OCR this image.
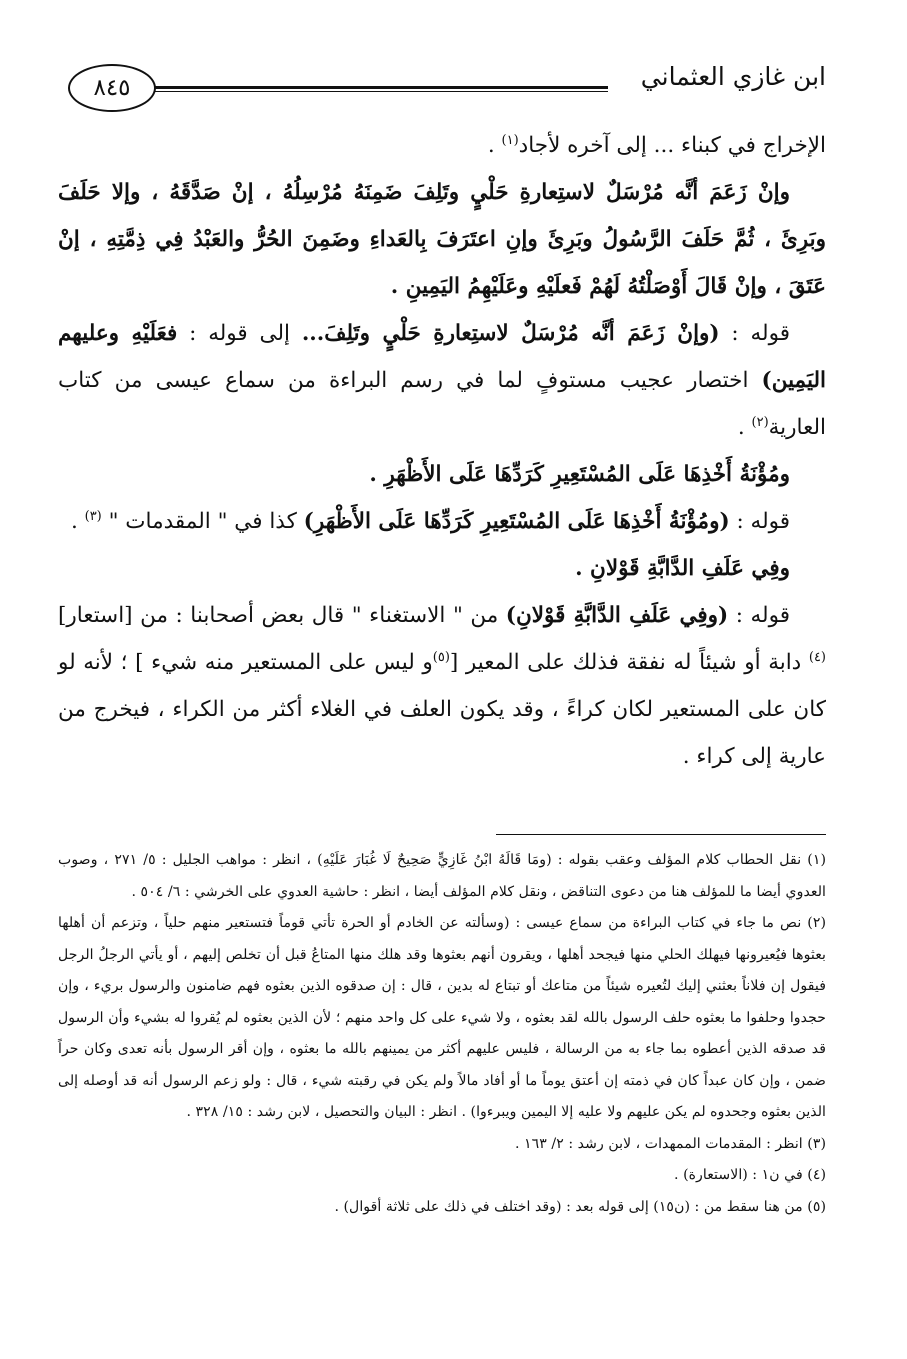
ابن غازي العثماني
٨٤٥

الإخراج في كبناء ... إلى آخره لأجاد$^{(١)}$ .

وإنْ زَعَمَ أنَّه مُرْسَلٌ لاستِعارةِ حَلْيٍ وتَلِفَ ضَمِنَهُ مُرْسِلُهُ ، إنْ صَدَّقَهُ ، وإلا حَلَفَ وبَرِئَ ، ثُمَّ حَلَفَ الرَّسُولُ وبَرِئَ وإنِ اعتَرَفَ بِالعَداءِ وضَمِنَ الحُرُّ والعَبْدُ فِي ذِمَّتِهِ ، إنْ عَتَقَ ، وإنْ قَالَ أَوْصَلْتُهُ لَهُمْ فَعلَيْهِ وعَلَيْهِمُ اليَمِينِ .

قوله : (وإنْ زَعَمَ أنَّه مُرْسَلٌ لاستِعارةِ حَلْيٍ وتَلِفَ... إلى قوله : فعَلَيْهِ وعليهم اليَمِين) اختصار عجيب مستوفٍ لما في رسم البراءة من سماع عيسى من كتاب العارية$^{(٢)}$ .

ومُؤْنَةُ أَخْذِهَا عَلَى المُسْتَعِيرِ كَرَدِّهَا عَلَى الأَظْهَرِ .

قوله : (ومُؤْنَةُ أَخْذِهَا عَلَى المُسْتَعِيرِ كَرَدِّهَا عَلَى الأَظْهَرِ) كذا في " المقدمات " $^{(٣)}$ .

وفِي عَلَفِ الدَّابَّةِ قَوْلانِ .

قوله : (وفِي عَلَفِ الدَّابَّةِ قَوْلانِ) من " الاستغناء " قال بعض أصحابنا : من [استعار]$^{(٤)}$ دابة أو شيئاً له نفقة فذلك على المعير [$^{(٥)}$و ليس على المستعير منه شيء ] ؛ لأنه لو كان على المستعير لكان كراءً ، وقد يكون العلف في الغلاء أكثر من الكراء ، فيخرج من عارية إلى كراء .

(١) نقل الحطاب كلام المؤلف وعقب بقوله : (ومَا قَالَهُ ابْنُ غَازِيٍّ صَحِيحٌ لَا غُبَارَ عَلَيْهِ) ، انظر : مواهب الجليل : ٥/ ٢٧١ ، وصوب العدوي أيضا ما للمؤلف هنا من دعوى التناقض ، ونقل كلام المؤلف أيضا ، انظر : حاشية العدوي على الخرشي : ٦/ ٥٠٤ .

(٢) نص ما جاء في كتاب البراءة من سماع عيسى : (وسألته عن الخادم أو الحرة تأتي قوماً فتستعير منهم حلياً ، وتزعم أن أهلها بعثوها فيُعيرونها فيهلك الحلي منها فيجحد أهلها ، ويقرون أنهم بعثوها وقد هلك منها المتاعُ قبل أن تخلص إليهم ، أو يأتي الرجلُ الرجل فيقول إن فلاناً بعثني إليك لتُعيره شيئاً من متاعك أو تبتاع له بدين ، قال : إن صدقوه الذين بعثوه فهم ضامنون والرسول بريء ، وإن حجدوا وحلفوا ما بعثوه حلف الرسول بالله لقد بعثوه ، ولا شيء على كل واحد منهم ؛ لأن الذين بعثوه لم يُقروا له بشيء وأن الرسول قد صدقه الذين أعطوه بما جاء به من الرسالة ، فليس عليهم أكثر من يمينهم بالله ما بعثوه ، وإن أقر الرسول بأنه تعدى وكان حراً ضمن ، وإن كان عبداً كان في ذمته إن أعتق يوماً ما أو أفاد مالاً ولم يكن في رقبته شيء ، قال : ولو زعم الرسول أنه قد أوصله إلى الذين بعثوه وجحدوه لم يكن عليهم ولا عليه إلا اليمين ويبرءوا) . انظر : البيان والتحصيل ، لابن رشد : ١٥/ ٣٢٨ .

(٣) انظر : المقدمات الممهدات ، لابن رشد : ٢/ ١٦٣ .

(٤) في ن١ : (الاستعارة) .

(٥) من هنا سقط من : (ن١٥) إلى قوله بعد : (وقد اختلف في ذلك على ثلاثة أقوال) .
